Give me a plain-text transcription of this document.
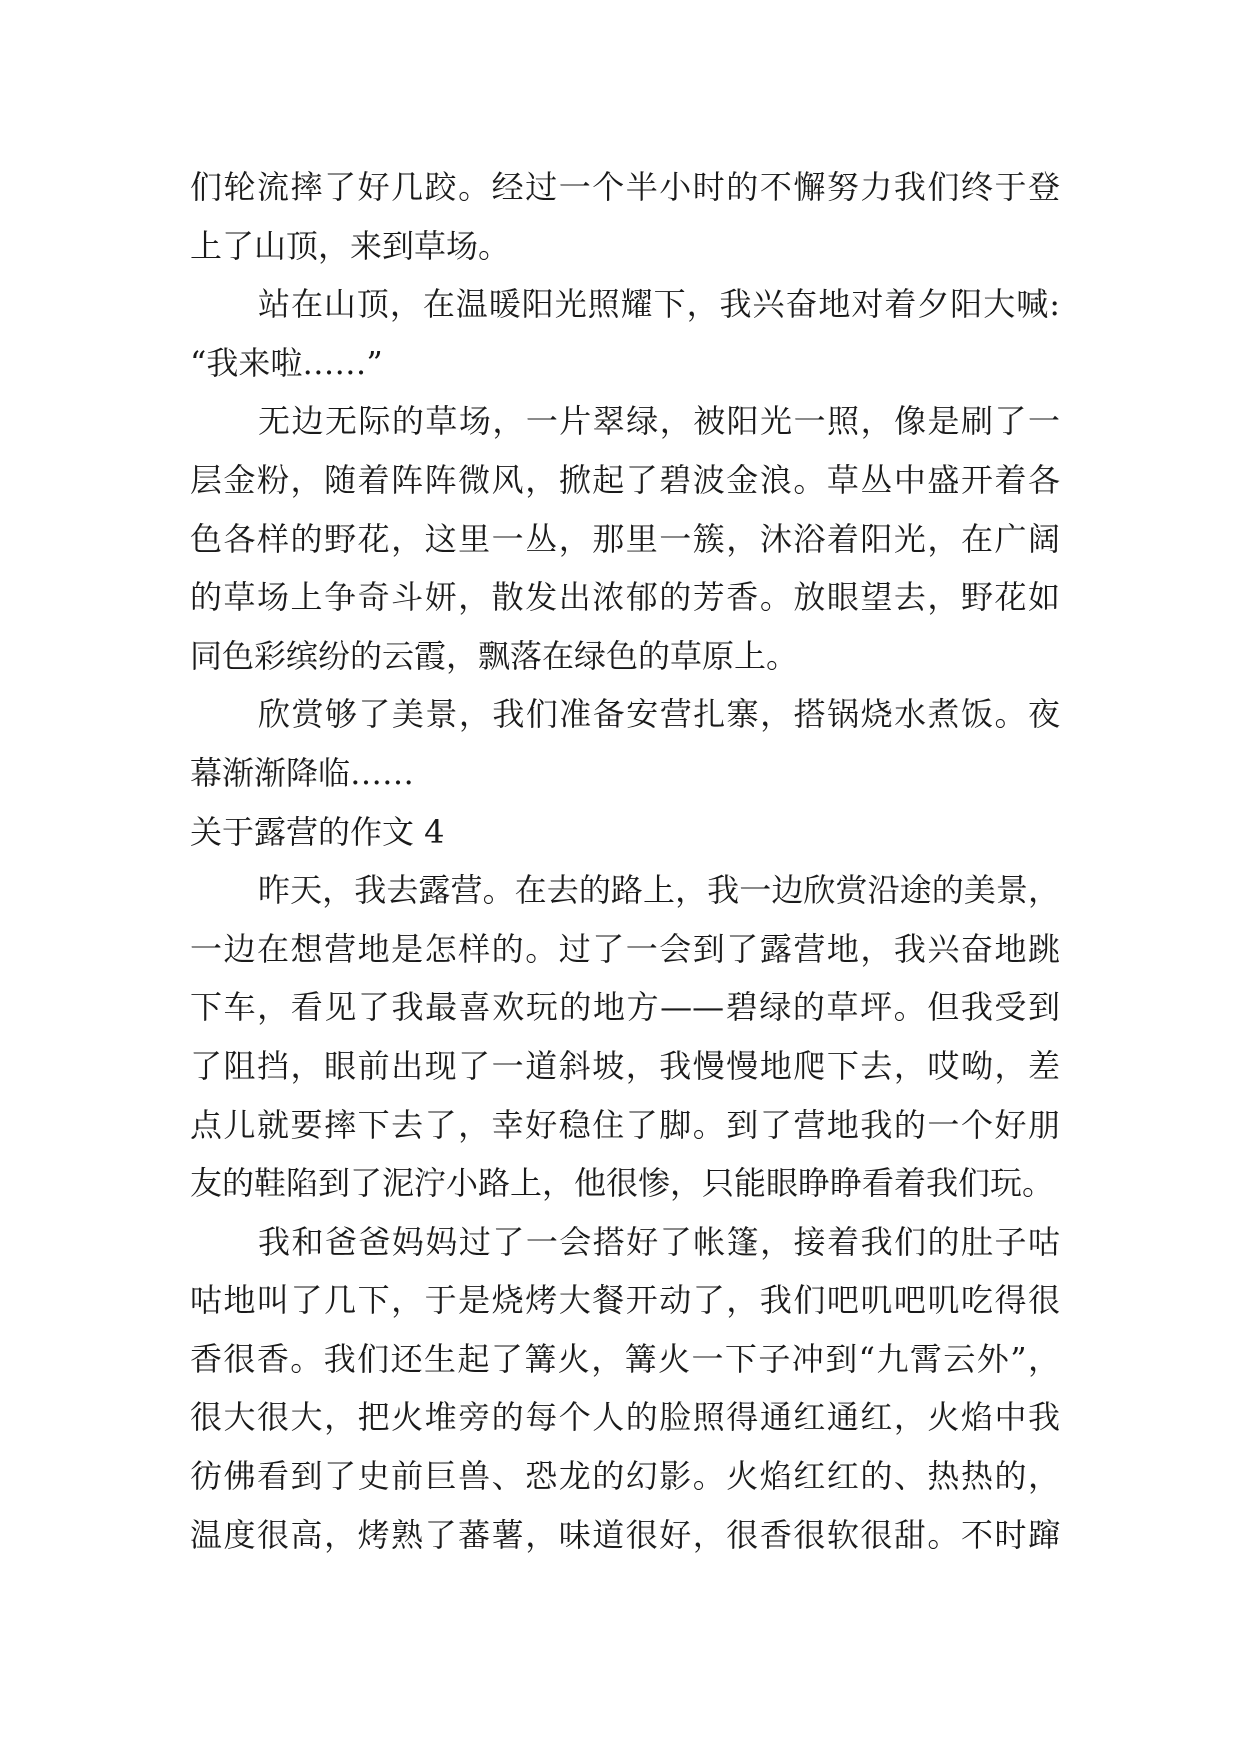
们轮流摔了好几跤。经过一个半小时的不懈努力我们终于登
上了山顶，来到草场。
站在山顶，在温暖阳光照耀下，我兴奋地对着夕阳大喊:
“我来啦……”
无边无际的草场，一片翠绿，被阳光一照，像是刷了一
层金粉，随着阵阵微风，掀起了碧波金浪。草丛中盛开着各
色各样的野花，这里一丛，那里一簇，沐浴着阳光，在广阔
的草场上争奇斗妍，散发出浓郁的芳香。放眼望去，野花如
同色彩缤纷的云霞，飘落在绿色的草原上。
欣赏够了美景，我们准备安营扎寨，搭锅烧水煮饭。夜
幕渐渐降临……
关于露营的作文 4
昨天，我去露营。在去的路上，我一边欣赏沿途的美景，
一边在想营地是怎样的。过了一会到了露营地，我兴奋地跳
下车，看见了我最喜欢玩的地方——碧绿的草坪。但我受到
了阻挡，眼前出现了一道斜坡，我慢慢地爬下去，哎呦，差
点儿就要摔下去了，幸好稳住了脚。到了营地我的一个好朋
友的鞋陷到了泥泞小路上，他很惨，只能眼睁睁看着我们玩。
我和爸爸妈妈过了一会搭好了帐篷，接着我们的肚子咕
咕地叫了几下，于是烧烤大餐开动了，我们吧叽吧叽吃得很
香很香。我们还生起了篝火，篝火一下子冲到“九霄云外”，
很大很大，把火堆旁的每个人的脸照得通红通红，火焰中我
彷佛看到了史前巨兽、恐龙的幻影。火焰红红的、热热的，
温度很高，烤熟了蕃薯，味道很好，很香很软很甜。不时蹿
